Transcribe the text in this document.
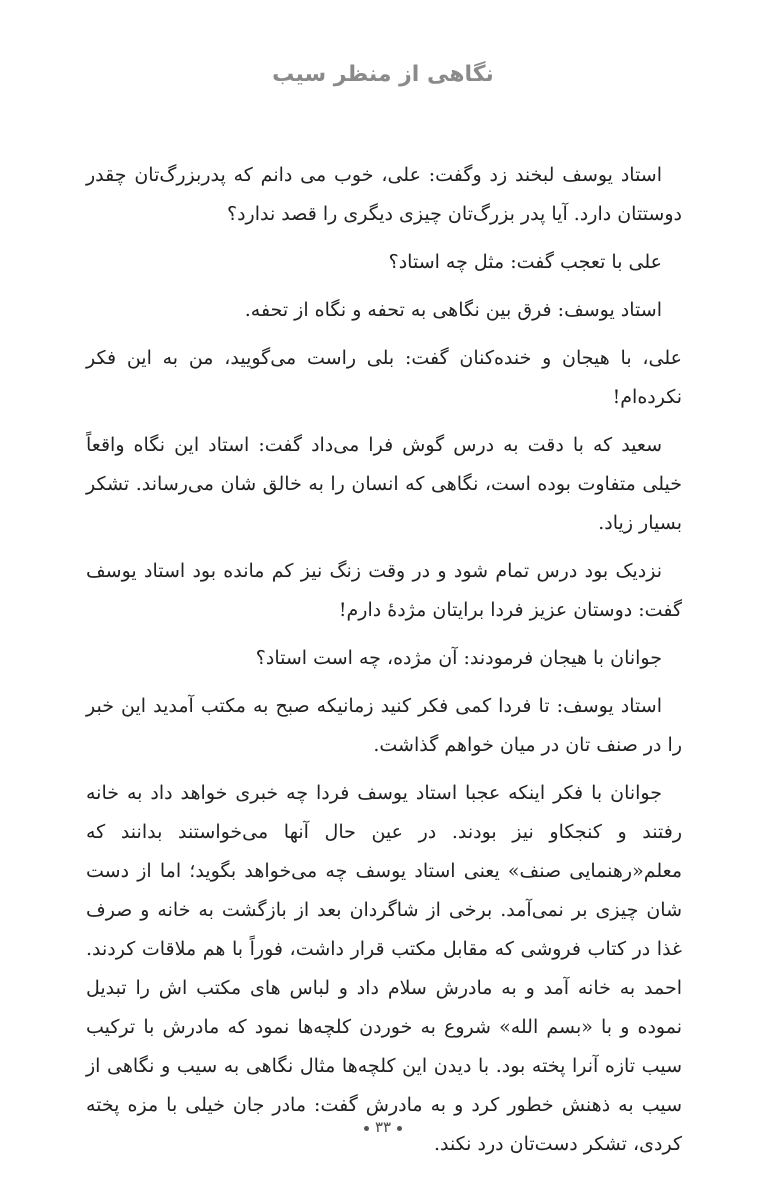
نگاهی از منظر سیب

استاد یوسف لبخند زد وگفت: علی، خوب می دانم که پدربزرگ‌تان چقدر دوستتان دارد. آیا پدر بزرگ‌تان چیزی دیگری را قصد ندارد؟

علی با تعجب گفت: مثل چه استاد؟

استاد یوسف: فرق بین نگاهی به تحفه و نگاه از تحفه.

علی، با هیجان و خنده‌کنان گفت: بلی راست می‌گویید، من به این فکر نکرده‌ام!

سعید که با دقت به درس گوش فرا می‌داد گفت: استاد این نگاه واقعاً خیلی متفاوت بوده است، نگاهی که انسان را به خالق شان می‌رساند. تشکر بسیار زیاد.

نزدیک بود درس تمام شود و در وقت زنگ نیز کم مانده بود استاد یوسف گفت: دوستان عزیز فردا برایتان مژدهٔ دارم!

جوانان با هیجان فرمودند: آن مژده، چه است استاد؟

استاد یوسف: تا فردا کمی فکر کنید زمانیکه صبح به مکتب آمدید این خبر را در صنف تان در میان خواهم گذاشت.

جوانان با فکر اینکه عجبا استاد یوسف فردا چه خبری خواهد داد به خانه رفتند و کنجکاو نیز بودند. در عین حال آنها می‌خواستند بدانند که معلم«رهنمایی صنف» یعنی استاد یوسف چه می‌خواهد بگوید؛ اما از دست شان چیزی بر نمی‌آمد. برخی از شاگردان بعد از بازگشت به خانه و صرف غذا در کتاب فروشی که مقابل مکتب قرار داشت، فوراً با هم ملاقات کردند. احمد به خانه آمد و به مادرش سلام داد و لباس های مکتب اش را تبدیل نموده و با «بسم الله» شروع به خوردن کلچه‌ها نمود که مادرش با ترکیب سیب تازه آنرا پخته بود. با دیدن این کلچه‌ها مثال نگاهی به سیب و نگاهی از سیب به ذهنش خطور کرد و به مادرش گفت: مادر جان خیلی با مزه پخته کردی، تشکر دست‌تان درد نکند.

۳۳
